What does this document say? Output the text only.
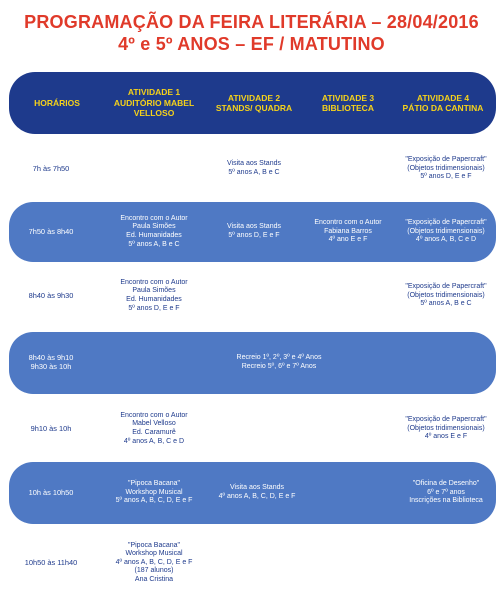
PROGRAMAÇÃO DA FEIRA LITERÁRIA – 28/04/2016
4º e 5º ANOS – EF / MATUTINO
HORÁRIOS
ATIVIDADE 1
AUDITÓRIO MABEL
VELLOSO
ATIVIDADE 2
STANDS/ QUADRA
ATIVIDADE 3
BIBLIOTECA
ATIVIDADE 4
PÁTIO DA CANTINA
7h às 7h50	Visita aos Stands
5º anos A, B e C
"Exposição de Papercraft"
(Objetos tridimensionais)
5º anos D, E e F
7h50 às 8h40
Encontro com o Autor
Paula Simões
Ed. Humanidades
5º anos A, B e C
Visita aos Stands
5º anos D, E e F
Encontro com o Autor
Fabiana Barros
4º ano E e F
"Exposição de Papercraft"
(Objetos tridimensionais)
4º anos A, B, C e D
8h40 às 9h30
Encontro com o Autor
Paula Simões
Ed. Humanidades
5º anos D, E e F
"Exposição de Papercraft"
(Objetos tridimensionais)
5º anos A, B e C
8h40 às 9h10
9h30 às 10h
Recreio 1º, 2º, 3º e 4º Anos
Recreio 5º, 6º e 7º Anos
9h10 às 10h
Encontro com o Autor
Mabel Velloso
Ed. Caramurê
4º anos A, B, C e D
"Exposição de Papercraft"
(Objetos tridimensionais)
4º anos E e F
10h às 10h50
"Pipoca Bacana"
Workshop Musical
5º anos A, B, C, D, E e F
Visita aos Stands
4º anos A, B, C, D, E e F
"Oficina de Desenho"
6º e 7º anos
Inscrições na Biblioteca
10h50 às 11h40
"Pipoca Bacana"
Workshop Musical
4º anos A, B, C, D, E e F
(187 alunos)
Ana Cristina
